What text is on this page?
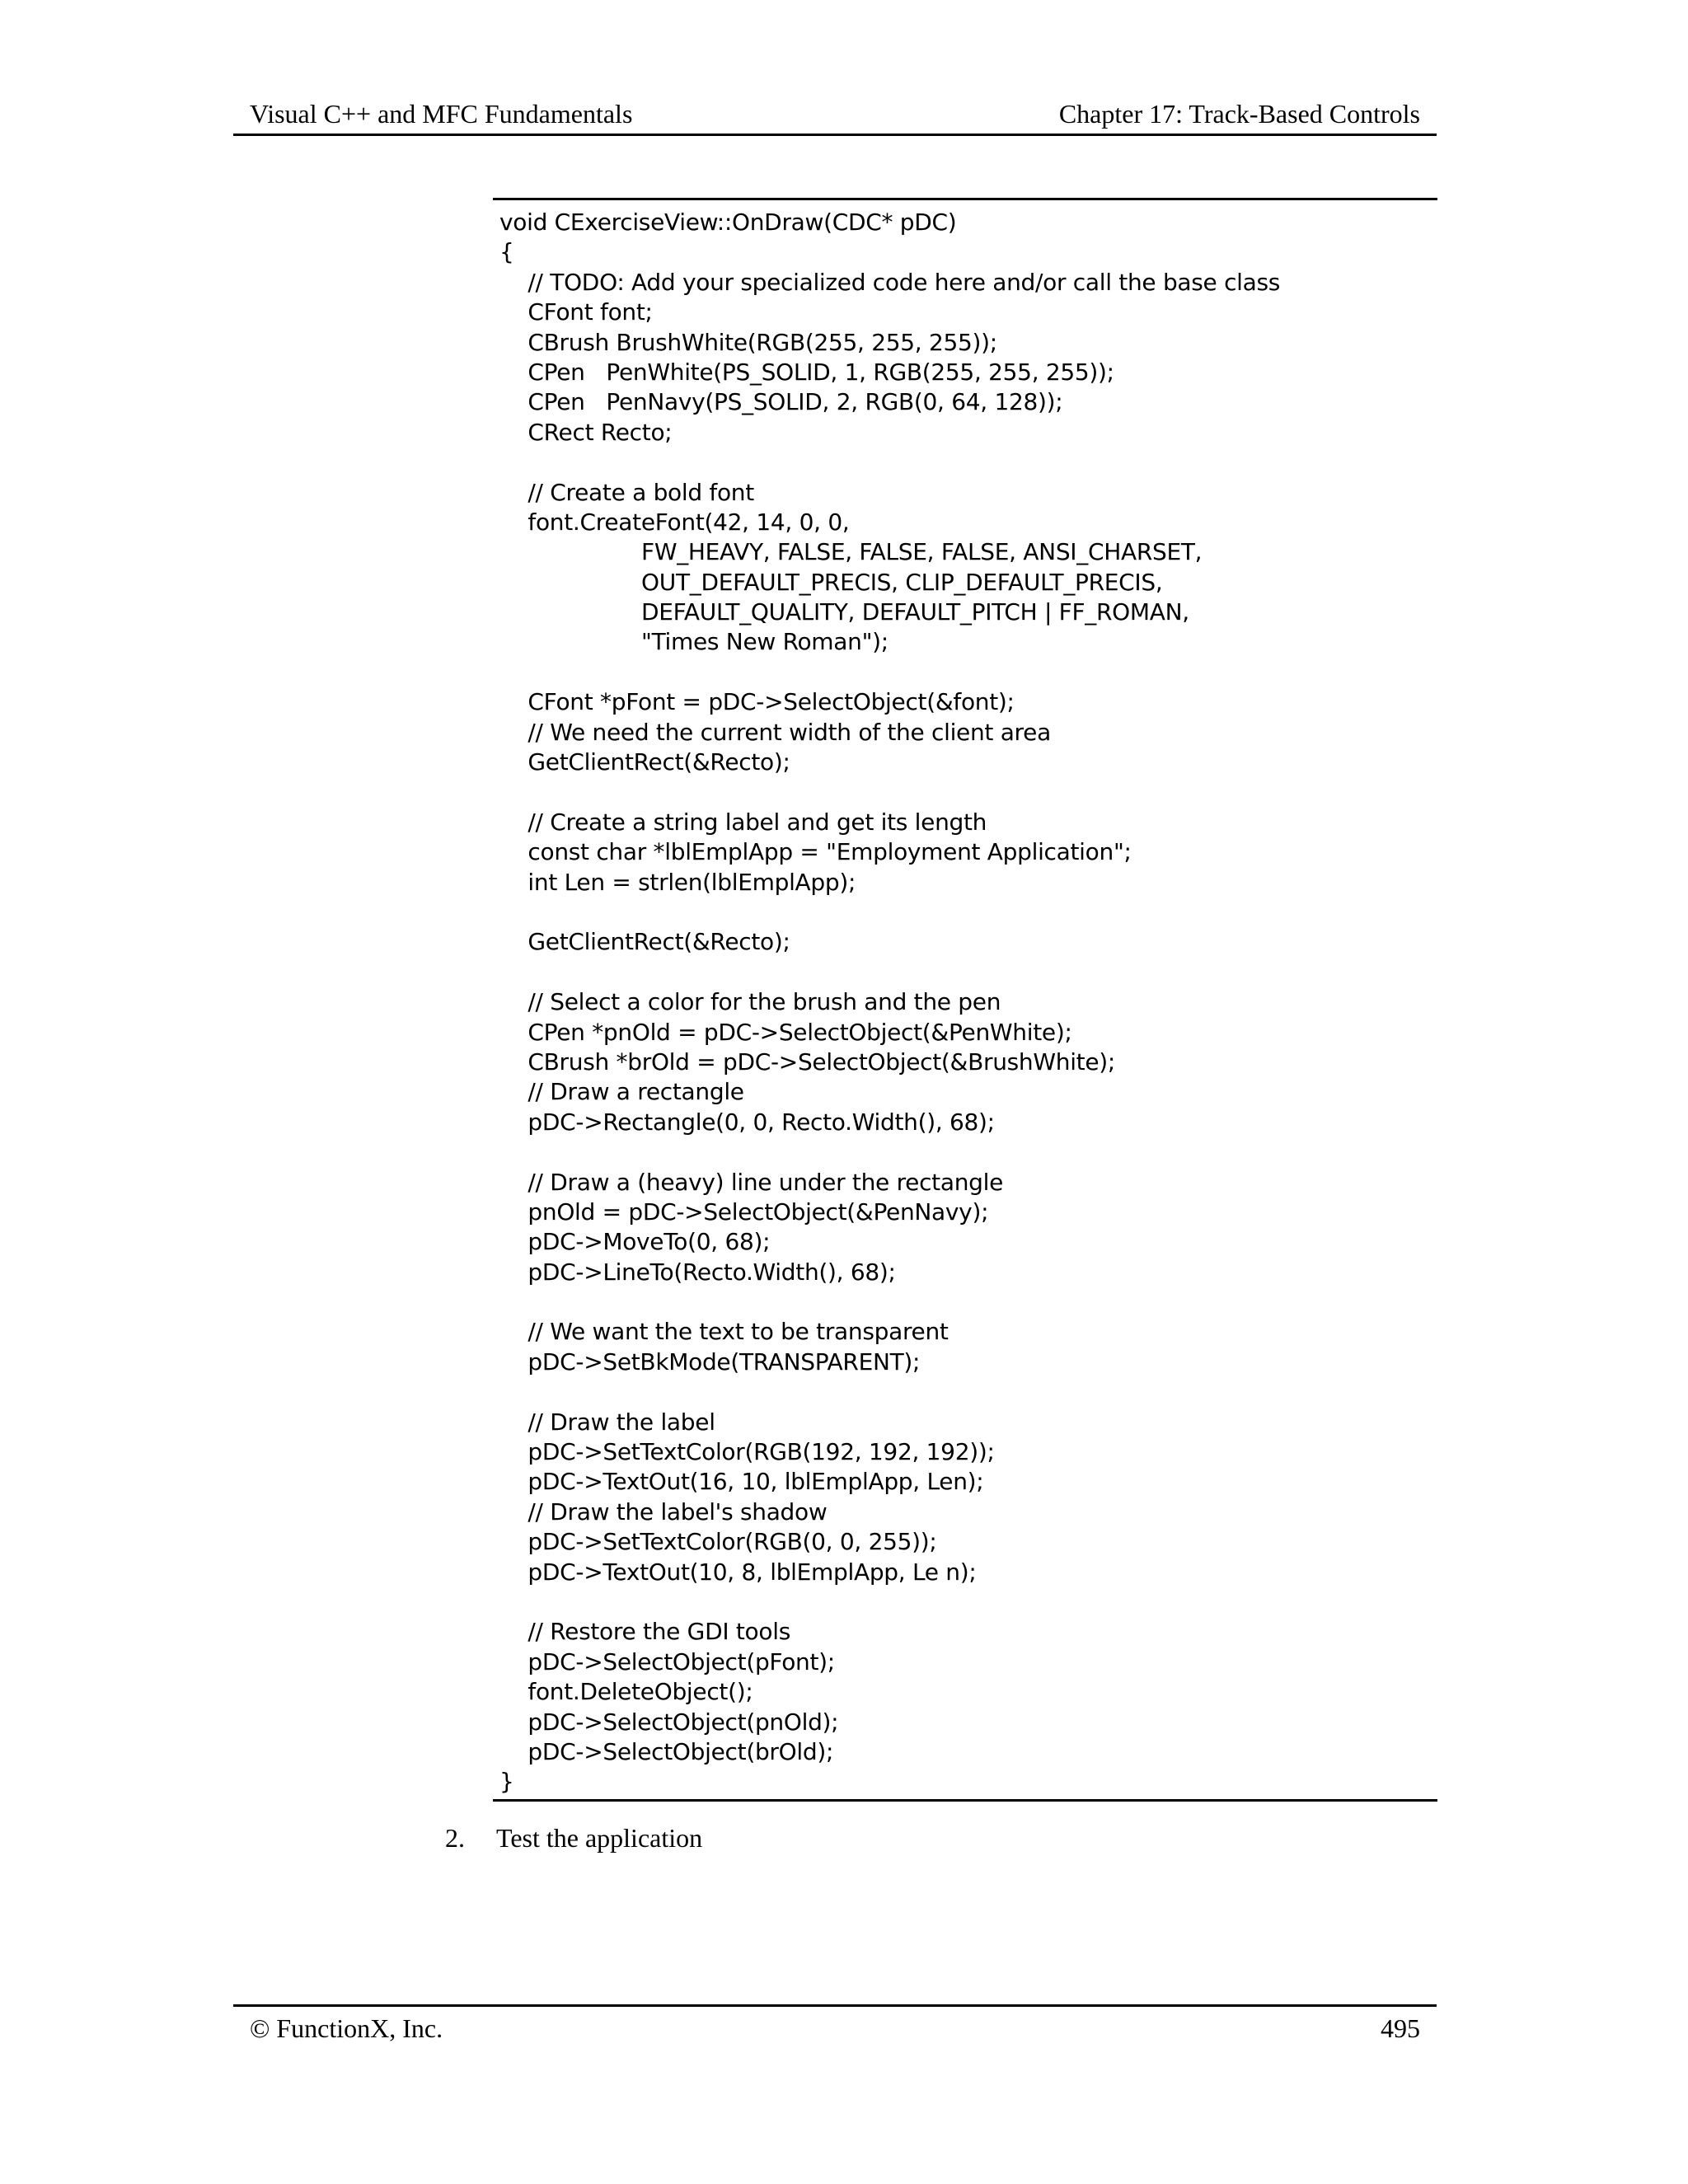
Visual C++ and MFC Fundamentals	Chapter 17: Track-Based Controls
void CExerciseView::OnDraw(CDC* pDC)
{
// TODO: Add your specialized code here and/or call the base class
CFont font;
CBrush BrushWhite(RGB(255, 255, 255));
CPen   PenWhite(PS_SOLID, 1, RGB(255, 255, 255));
CPen   PenNavy(PS_SOLID, 2, RGB(0, 64, 128));
CRect Recto;
// Create a bold font
font.CreateFont(42, 14, 0, 0,
FW_HEAVY, FALSE, FALSE, FALSE, ANSI_CHARSET,
OUT_DEFAULT_PRECIS, CLIP_DEFAULT_PRECIS,
DEFAULT_QUALITY, DEFAULT_PITCH | FF_ROMAN,
"Times New Roman");
CFont *pFont = pDC->SelectObject(&font);
// We need the current width of the client area
GetClientRect(&Recto);
// Create a string label and get its length
const char *lblEmplApp = "Employment Application";
int Len = strlen(lblEmplApp);
GetClientRect(&Recto);
// Select a color for the brush and the pen
CPen *pnOld = pDC->SelectObject(&PenWhite);
CBrush *brOld = pDC->SelectObject(&BrushWhite);
// Draw a rectangle
pDC->Rectangle(0, 0, Recto.Width(), 68);
// Draw a (heavy) line under the rectangle
pnOld = pDC->SelectObject(&PenNavy);
pDC->MoveTo(0, 68);
pDC->LineTo(Recto.Width(), 68);
// We want the text to be transparent
pDC->SetBkMode(TRANSPARENT);
// Draw the label
pDC->SetTextColor(RGB(192, 192, 192));
pDC->TextOut(16, 10, lblEmplApp, Len);
// Draw the label's shadow
pDC->SetTextColor(RGB(0, 0, 255));
pDC->TextOut(10, 8, lblEmplApp, Le n);
// Restore the GDI tools
pDC->SelectObject(pFont);
font.DeleteObject();
pDC->SelectObject(pnOld);
pDC->SelectObject(brOld);
}
2. Test the application
© FunctionX, Inc.	495
